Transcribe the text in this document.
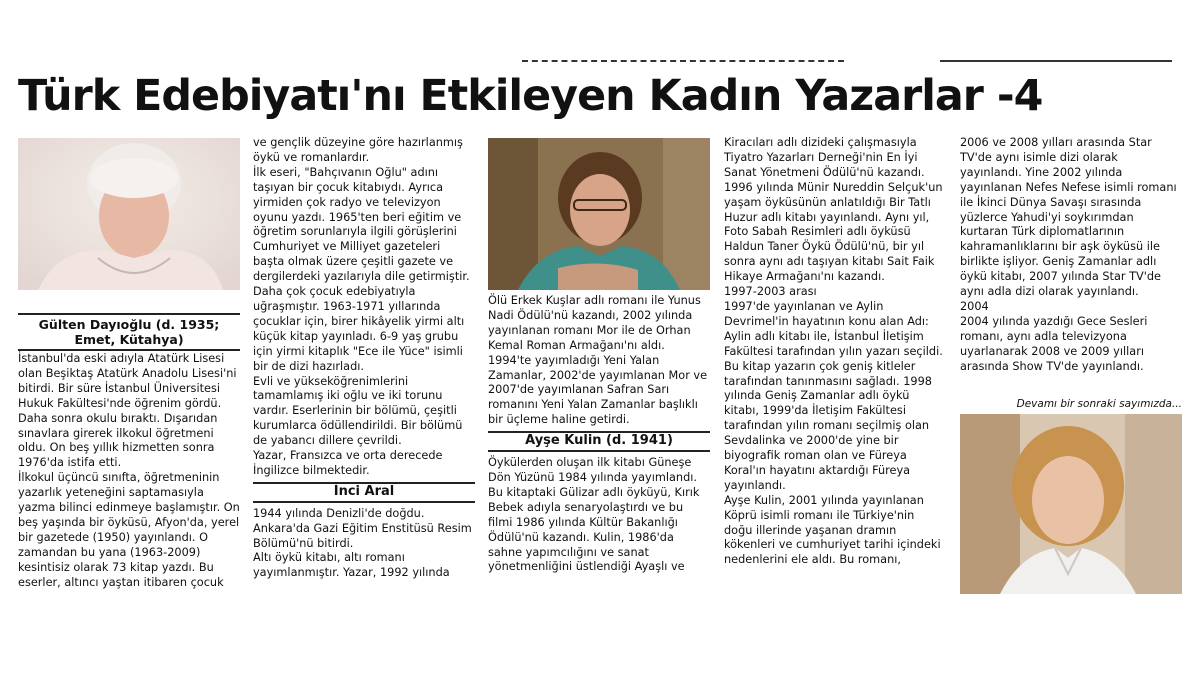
Türk Edebiyatı'nı Etkileyen Kadın Yazarlar -4
Gülten Dayıoğlu (d. 1935; Emet, Kütahya)

İstanbul'da eski adıyla Atatürk Lisesi olan Beşiktaş Atatürk Anadolu Lisesi'ni bitirdi. Bir süre İstanbul Üniversitesi Hukuk Fakültesi'nde öğrenim gördü. Daha sonra okulu bıraktı. Dışarıdan sınavlara girerek ilkokul öğretmeni oldu. On beş yıllık hizmetten sonra 1976'da istifa etti.

İlkokul üçüncü sınıfta, öğretmeninin yazarlık yeteneğini saptamasıyla yazma bilinci edinmeye başlamıştır. On beş yaşında bir öyküsü, Afyon'da, yerel bir gazetede (1950) yayınlandı. O zamandan bu yana (1963-2009) kesintisiz olarak 73 kitap yazdı. Bu eserler, altıncı yaştan itibaren çocuk

ve gençlik düzeyine göre hazırlanmış öykü ve romanlardır.

İlk eseri, "Bahçıvanın Oğlu" adını taşıyan bir çocuk kitabıydı. Ayrıca yirmiden çok radyo ve televizyon oyunu yazdı. 1965'ten beri eğitim ve öğretim sorunlarıyla ilgili görüşlerini Cumhuriyet ve Milliyet gazeteleri başta olmak üzere çeşitli gazete ve dergilerdeki yazılarıyla dile getirmiştir. Daha çok çocuk edebiyatıyla uğraşmıştır. 1963-1971 yıllarında çocuklar için, birer hikâyelik yirmi altı küçük kitap yayınladı. 6-9 yaş grubu için yirmi kitaplık "Ece ile Yüce" isimli bir de dizi hazırladı.

Evli ve yükseköğrenimlerini tamamlamış iki oğlu ve iki torunu vardır. Eserlerinin bir bölümü, çeşitli kurumlarca ödüllendirildi. Bir bölümü de yabancı dillere çevrildi.

Yazar, Fransızca ve orta derecede İngilizce bilmektedir.

İnci Aral

1944 yılında Denizli'de doğdu. Ankara'da Gazi Eğitim Enstitüsü Resim Bölümü'nü bitirdi.

Altı öykü kitabı, altı romanı yayımlanmıştır. Yazar, 1992 yılında

Ölü Erkek Kuşlar adlı romanı ile Yunus Nadi Ödülü'nü kazandı, 2002 yılında yayınlanan romanı Mor ile de Orhan Kemal Roman Armağanı'nı aldı.

1994'te yayımladığı Yeni Yalan Zamanlar, 2002'de yayımlanan Mor ve 2007'de yayımlanan Safran Sarı romanını Yeni Yalan Zamanlar başlıklı bir üçleme haline getirdi.

Ayşe Kulin (d. 1941)

Öykülerden oluşan ilk kitabı Güneşe Dön Yüzünü 1984 yılında yayımlandı. Bu kitaptaki Gülizar adlı öyküyü, Kırık Bebek adıyla senaryolaştırdı ve bu filmi 1986 yılında Kültür Bakanlığı Ödülü'nü kazandı. Kulin, 1986'da sahne yapımcılığını ve sanat yönetmenliğini üstlendiği Ayaşlı ve

Kiracıları adlı dizideki çalışmasıyla Tiyatro Yazarları Derneği'nin En İyi Sanat Yönetmeni Ödülü'nü kazandı.

1996 yılında Münir Nureddin Selçuk'un yaşam öyküsünün anlatıldığı Bir Tatlı Huzur adlı kitabı yayınlandı. Aynı yıl, Foto Sabah Resimleri adlı öyküsü Haldun Taner Öykü Ödülü'nü, bir yıl sonra aynı adı taşıyan kitabı Sait Faik Hikaye Armağanı'nı kazandı.

1997-2003 arası

1997'de yayınlanan ve Aylin Devrimel'in hayatının konu alan Adı: Aylin adlı kitabı ile, İstanbul İletişim Fakültesi tarafından yılın yazarı seçildi. Bu kitap yazarın çok geniş kitleler tarafından tanınmasını sağladı. 1998 yılında Geniş Zamanlar adlı öykü kitabı, 1999'da İletişim Fakültesi tarafından yılın romanı seçilmiş olan Sevdalinka ve 2000'de yine bir biyografik roman olan ve Füreya Koral'ın hayatını aktardığı Füreya yayınlandı.

Ayşe Kulin, 2001 yılında yayınlanan Köprü isimli romanı ile Türkiye'nin doğu illerinde yaşanan dramın kökenleri ve cumhuriyet tarihi içindeki nedenlerini ele aldı. Bu romanı,

2006 ve 2008 yılları arasında Star TV'de aynı isimle dizi olarak yayınlandı. Yine 2002 yılında yayınlanan Nefes Nefese isimli romanı ile İkinci Dünya Savaşı sırasında yüzlerce Yahudi'yi soykırımdan kurtaran Türk diplomatlarının kahramanlıklarını bir aşk öyküsü ile birlikte işliyor. Geniş Zamanlar adlı öykü kitabı, 2007 yılında Star TV'de aynı adla dizi olarak yayınlandı.

2004

2004 yılında yazdığı Gece Sesleri romanı, aynı adla televizyona uyarlanarak 2008 ve 2009 yılları arasında Show TV'de yayınlandı.

Devamı bir sonraki sayımızda...
